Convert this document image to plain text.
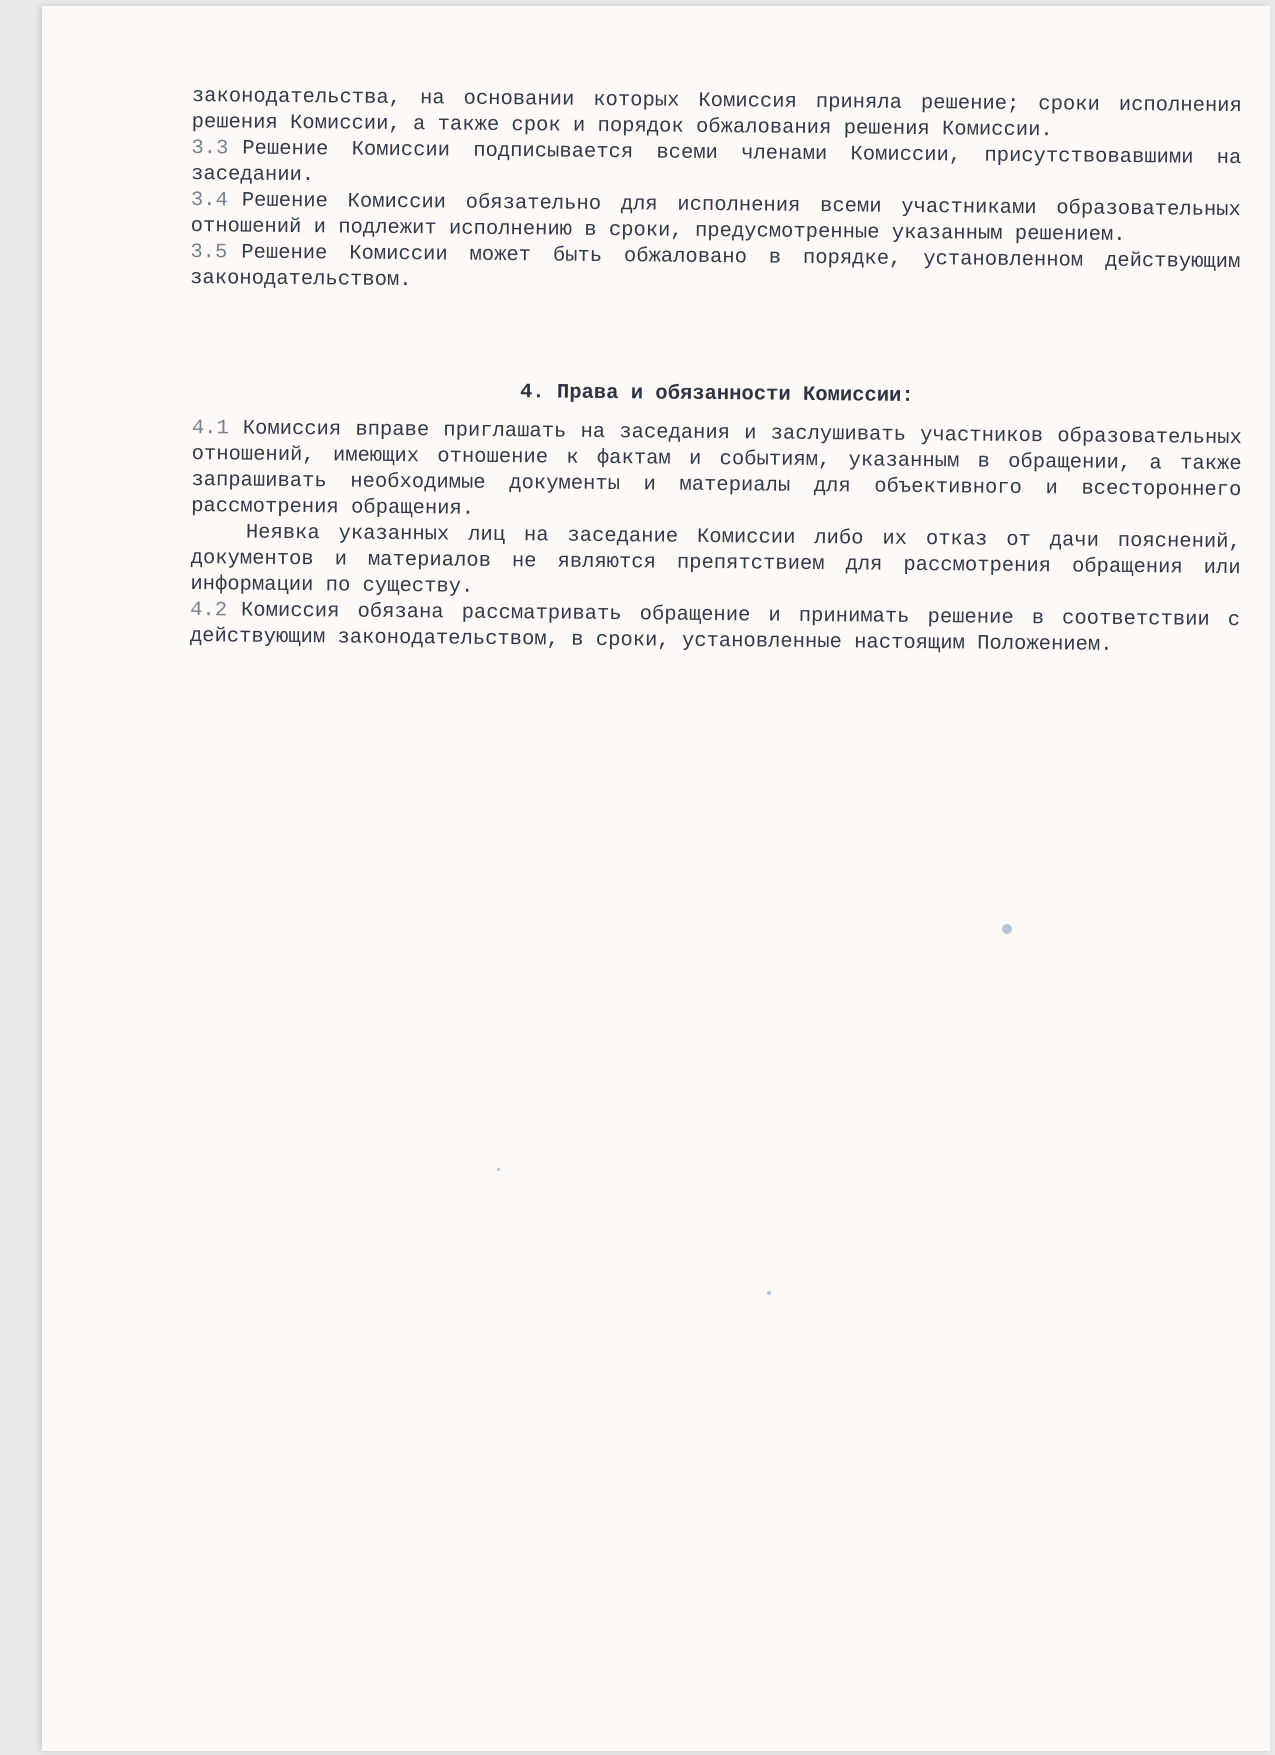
законодательства, на основании которых Комиссия приняла решение; сроки исполнения решения Комиссии, а также срок и порядок обжалования решения Комиссии.

3.3 Решение Комиссии подписывается всеми членами Комиссии, присутствовавшими на заседании.

3.4 Решение Комиссии обязательно для исполнения всеми участниками образовательных отношений и подлежит исполнению в сроки, предусмотренные указанным решением.

3.5 Решение Комиссии может быть обжаловано в порядке, установленном действующим законодательством.

4. Права и обязанности Комиссии:

4.1 Комиссия вправе приглашать на заседания и заслушивать участников образовательных отношений, имеющих отношение к фактам и событиям, указанным в обращении, а также запрашивать необходимые документы и материалы для объективного и всестороннего рассмотрения обращения.

Неявка указанных лиц на заседание Комиссии либо их отказ от дачи пояснений, документов и материалов не являются препятствием для рассмотрения обращения или информации по существу.

4.2 Комиссия обязана рассматривать обращение и принимать решение в соответствии с действующим законодательством, в сроки, установленные настоящим Положением.
